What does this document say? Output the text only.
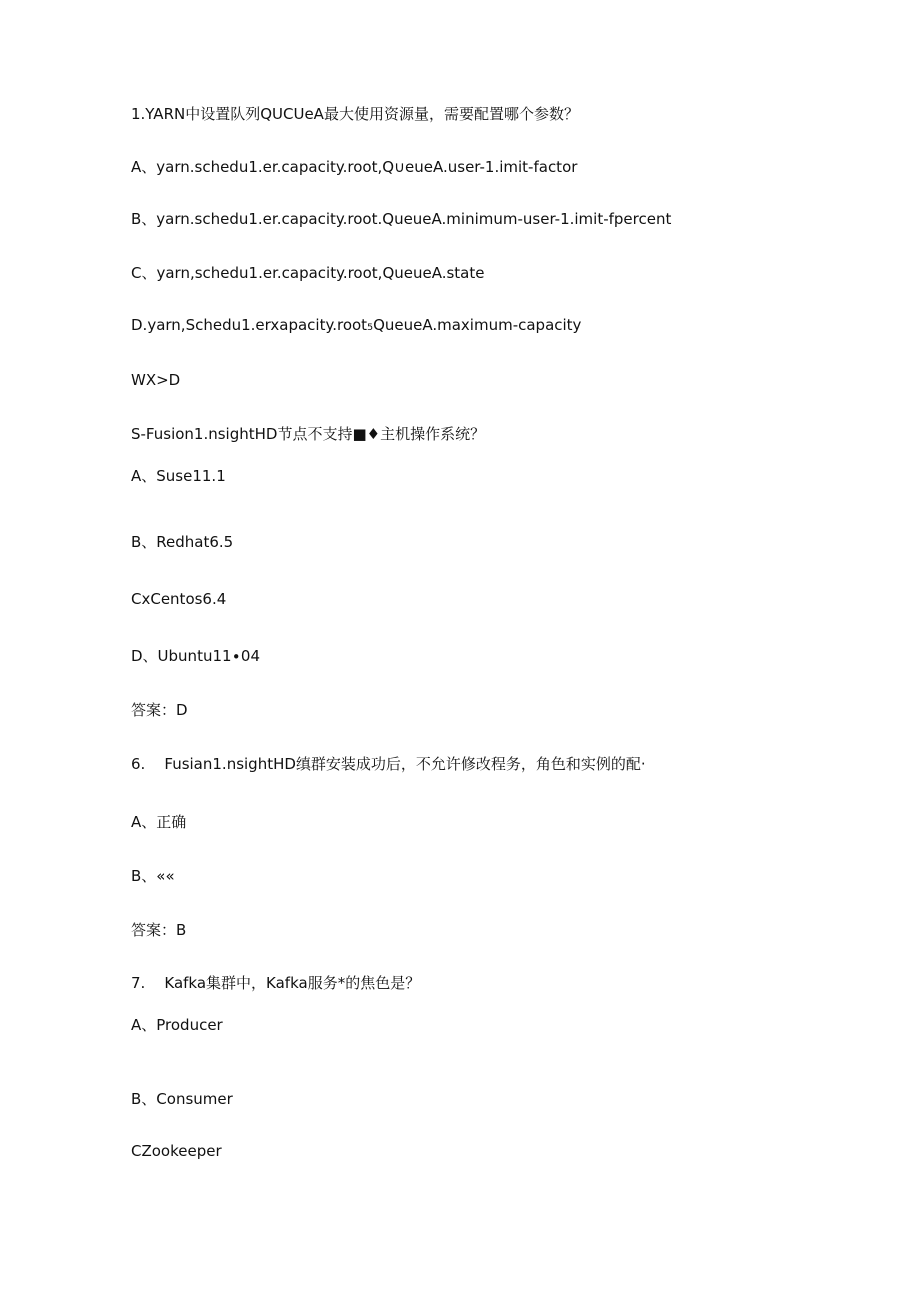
1.YARN中设置队列QUCUeA最大使用资源量，需要配置哪个参数？
A、yarn.schedu1.er.capacity.root,Q∪eueA.user-1.imit-factor
B、yarn.schedu1.er.capacity.root.QueueA.minimum-user-1.imit-fpercent
C、yarn,schedu1.er.capacity.root,QueueA.state
D.yarn,Schedu1.erxapacity.root₅QueueA.maximum-capacity
WX>D
S-Fusion1.nsightHD节点不支持■♦主机操作系统？
A、Suse11.1
B、Redhat6.5
CxCentos6.4
D、Ubuntu11∙04
答案：D
6.    Fusian1.nsightHD缜群安装成功后，不允许修改程务，角色和实例的配·
A、正确
B、««
答案：B
7.    Kafka集群中，Kafka服务*的焦色是？
A、Producer
B、Consumer
CZookeeper
